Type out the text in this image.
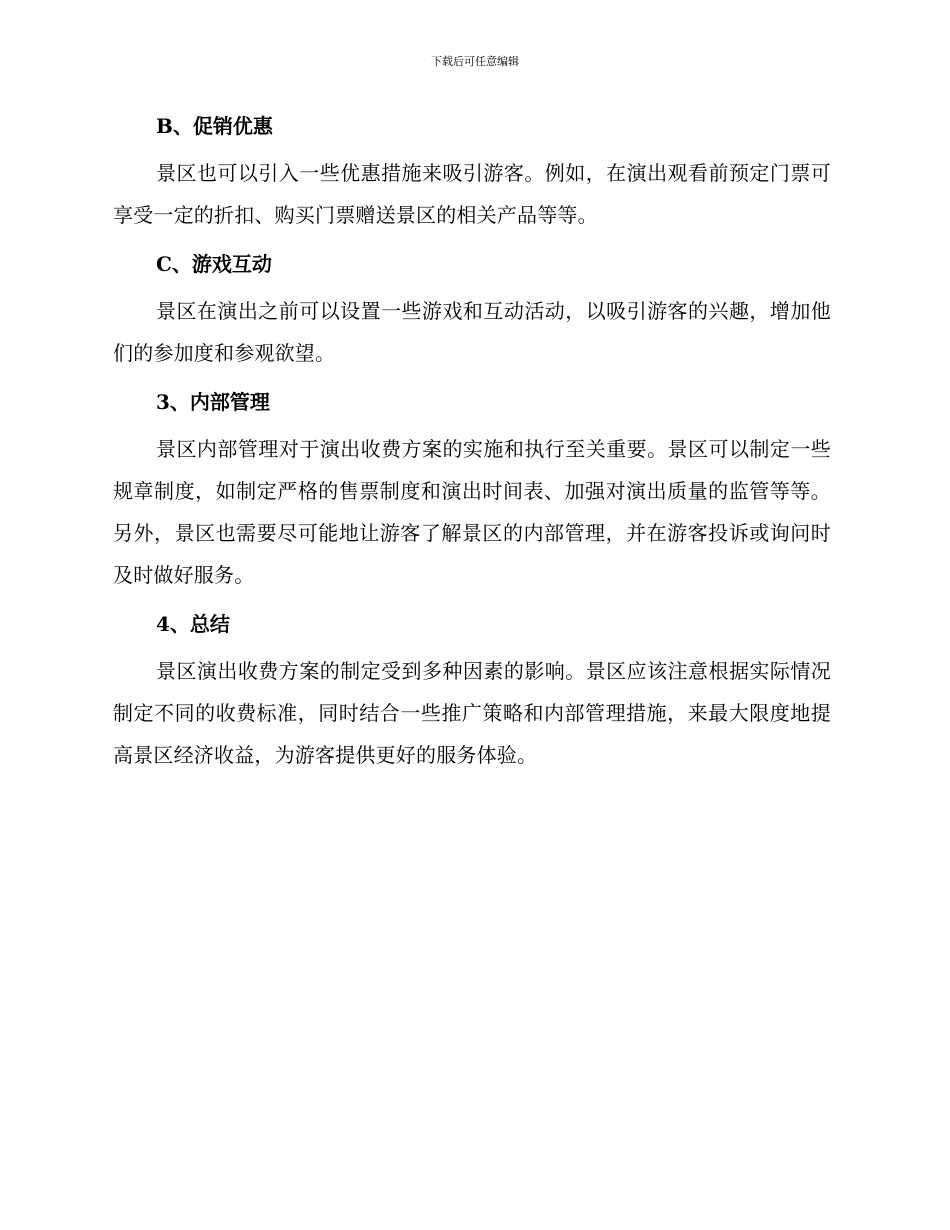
下载后可任意编辑
B、促销优惠

景区也可以引入一些优惠措施来吸引游客。例如，在演出观看前预定门票可享受一定的折扣、购买门票赠送景区的相关产品等等。

C、游戏互动

景区在演出之前可以设置一些游戏和互动活动，以吸引游客的兴趣，增加他们的参加度和参观欲望。

3、内部管理

景区内部管理对于演出收费方案的实施和执行至关重要。景区可以制定一些规章制度，如制定严格的售票制度和演出时间表、加强对演出质量的监管等等。另外，景区也需要尽可能地让游客了解景区的内部管理，并在游客投诉或询问时及时做好服务。

4、总结

景区演出收费方案的制定受到多种因素的影响。景区应该注意根据实际情况制定不同的收费标准，同时结合一些推广策略和内部管理措施，来最大限度地提高景区经济收益，为游客提供更好的服务体验。
